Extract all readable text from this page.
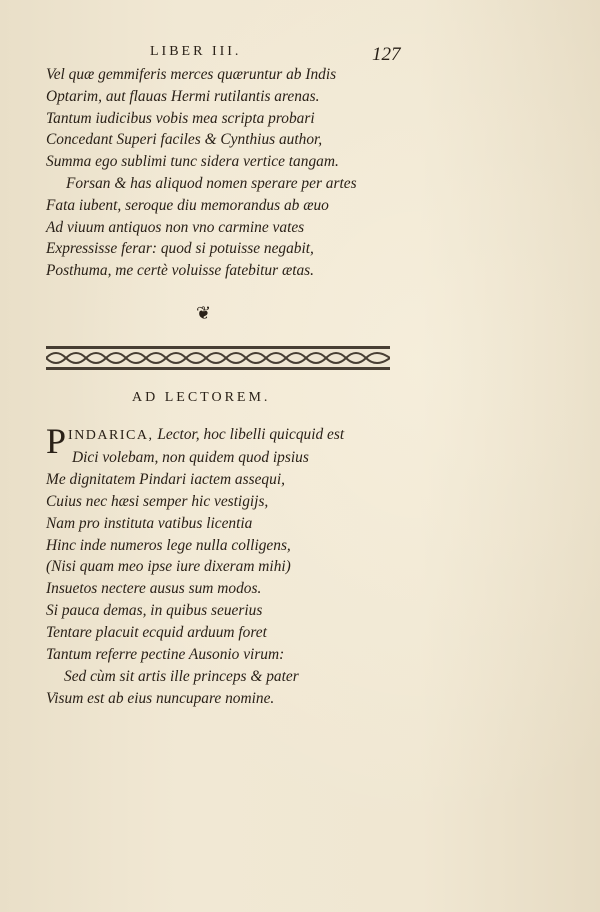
LIBER III.	127
Vel quæ gemmiferis merces quæruntur ab Indis
Optarim, aut flauas Hermi rutilantis arenas.
Tantum iudicibus vobis mea scripta probari
Concedant Superi faciles & Cynthius author,
Summa ego sublimi tunc sidera vertice tangam.
Forsan & has aliquod nomen sperare per artes
Fata iubent, seroque diu memorandus ab æuo
Ad viuum antiquos non vno carmine vates
Expressisse ferar: quod si potuisse negabit,
Posthuma, me certè voluisse fatebitur ætas.
❦
AD LECTOREM.
PINDARICA, Lector, hoc libelli quicquid est
Dici volebam, non quidem quod ipsius
Me dignitatem Pindari iactem assequi,
Cuius nec hæsi semper hic vestigijs,
Nam pro instituta vatibus licentia
Hinc inde numeros lege nulla colligens,
(Nisi quam meo ipse iure dixeram mihi)
Insuetos nectere ausus sum modos.
Si pauca demas, in quibus seuerius
Tentare placuit ecquid arduum foret
Tantum referre pectine Ausonio virum:
Sed cùm sit artis ille princeps & pater
Visum est ab eius nuncupare nomine.
